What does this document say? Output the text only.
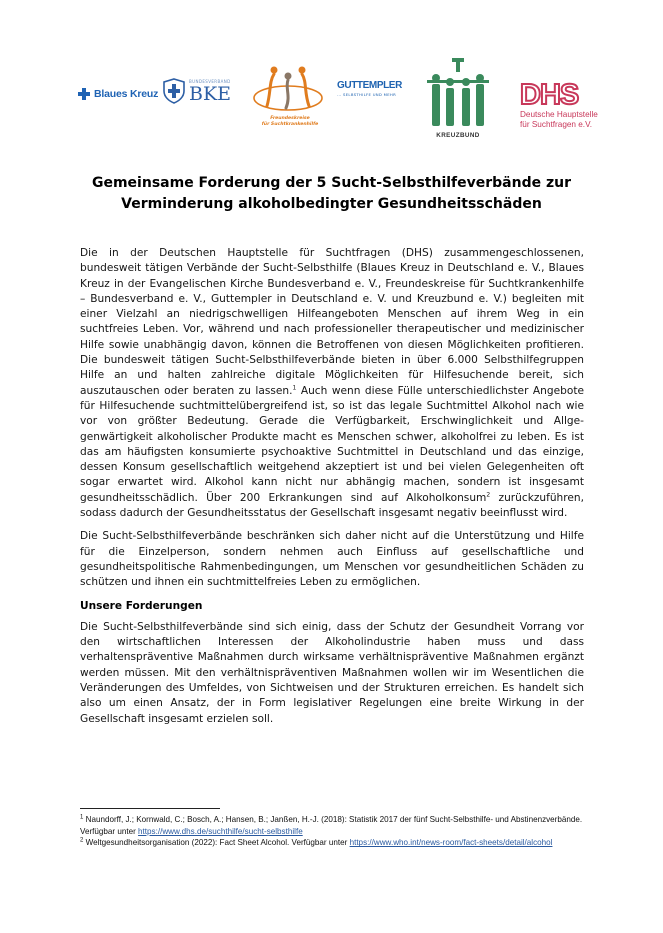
Blaues Kreuz
BUNDESVERBAND
BKE
Freundeskreise
für Suchtkrankenhilfe
GUTTEMPLER
... SELBSTHILFE UND MEHR
KREUZBUND
DHS
Deutsche Hauptstelle
für Suchtfragen e.V.
Gemeinsame Forderung der 5 Sucht-Selbsthilfeverbände zur
Verminderung alkoholbedingter Gesundheitsschäden

Die in der Deutschen Hauptstelle für Suchtfragen (DHS) zusammengeschlossenen, bundesweit tätigen Verbände der Sucht-Selbsthilfe (Blaues Kreuz in Deutschland e. V., Blaues Kreuz in der Evangelischen Kirche Bundesverband e. V., Freundeskreise für Suchtkrankenhilfe – Bundesverband e. V., Guttempler in Deutschland e. V. und Kreuzbund e. V.) begleiten mit einer Vielzahl an niedrigschwelligen Hilfeangeboten Menschen auf ihrem Weg in ein suchtfreies Leben. Vor, während und nach professioneller therapeutischer und medizinischer Hilfe sowie unabhängig davon, können die Betroffenen von diesen Möglichkeiten profitieren. Die bundesweit tätigen Sucht-Selbsthilfeverbände bieten in über 6.000 Selbsthilfegruppen Hilfe an und halten zahlreiche digitale Möglichkeiten für Hilfesuchende bereit, sich auszutauschen oder beraten zu lassen.$^1$ Auch wenn diese Fülle unterschiedlichster Angebote für Hilfesuchende suchtmittelübergreifend ist, so ist das legale Suchtmittel Alkohol nach wie vor von größter Bedeutung. Gerade die Verfügbarkeit, Erschwinglichkeit und Allgegenwärtigkeit alkoholischer Produkte macht es Menschen schwer, alkoholfrei zu leben. Es ist das am häufigsten konsumierte psychoaktive Suchtmittel in Deutschland und das einzige, dessen Konsum gesellschaftlich weitgehend akzeptiert ist und bei vielen Gelegenheiten oft sogar erwartet wird. Alkohol kann nicht nur abhängig machen, sondern ist insgesamt gesundheitsschädlich. Über 200 Erkrankungen sind auf Alkoholkonsum$^2$ zurückzuführen, sodass dadurch der Gesundheitsstatus der Gesellschaft insgesamt negativ beeinflusst wird.

Die Sucht-Selbsthilfeverbände beschränken sich daher nicht auf die Unterstützung und Hilfe für die Einzelperson, sondern nehmen auch Einfluss auf gesellschaftliche und gesundheitspolitische Rahmenbedingungen, um Menschen vor gesundheitlichen Schäden zu schützen und ihnen ein suchtmittelfreies Leben zu ermöglichen.

Unsere Forderungen

Die Sucht-Selbsthilfeverbände sind sich einig, dass der Schutz der Gesundheit Vorrang vor den wirtschaftlichen Interessen der Alkoholindustrie haben muss und dass verhaltenspräventive Maßnahmen durch wirksame verhältnispräventive Maßnahmen ergänzt werden müssen. Mit den verhältnispräventiven Maßnahmen wollen wir im Wesentlichen die Veränderungen des Umfeldes, von Sichtweisen und der Strukturen erreichen. Es handelt sich also um einen Ansatz, der in Form legislativer Regelungen eine breite Wirkung in der Gesellschaft insgesamt erzielen soll.

$^1$ Naundorff, J.; Kornwald, C.; Bosch, A.; Hansen, B.; Janßen, H.-J. (2018): Statistik 2017 der fünf Sucht-Selbsthilfe- und Abstinenzverbände. Verfügbar unter https://www.dhs.de/suchthilfe/sucht-selbsthilfe

$^2$ Weltgesundheitsorganisation (2022): Fact Sheet Alcohol. Verfügbar unter https://www.who.int/news-room/fact-sheets/detail/alcohol
